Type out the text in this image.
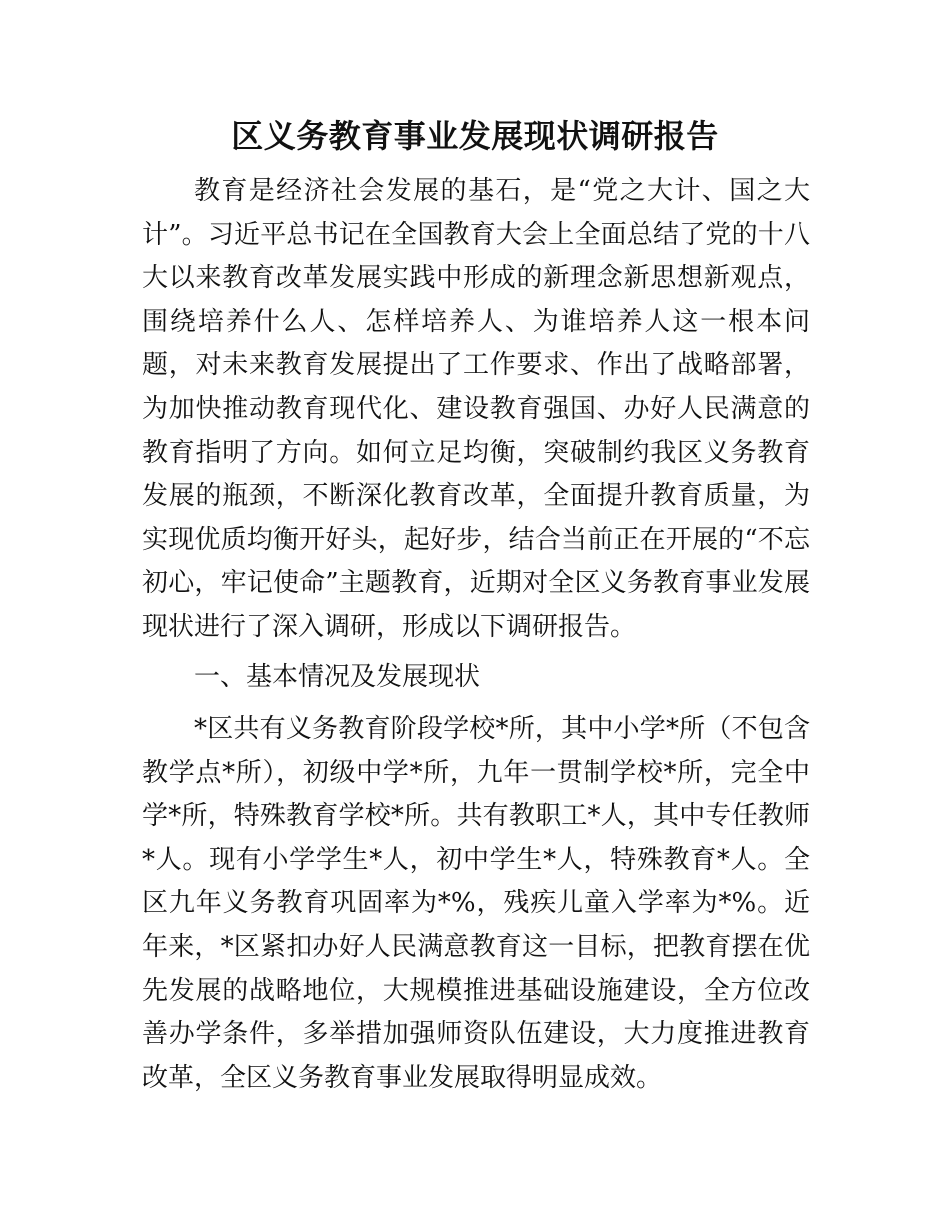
区义务教育事业发展现状调研报告

教育是经济社会发展的基石，是“党之大计、国之大计”。习近平总书记在全国教育大会上全面总结了党的十八大以来教育改革发展实践中形成的新理念新思想新观点，围绕培养什么人、怎样培养人、为谁培养人这一根本问题，对未来教育发展提出了工作要求、作出了战略部署，为加快推动教育现代化、建设教育强国、办好人民满意的教育指明了方向。如何立足均衡，突破制约我区义务教育发展的瓶颈，不断深化教育改革，全面提升教育质量，为实现优质均衡开好头，起好步，结合当前正在开展的“不忘初心，牢记使命”主题教育，近期对全区义务教育事业发展现状进行了深入调研，形成以下调研报告。

一、基本情况及发展现状

*区共有义务教育阶段学校*所，其中小学*所（不包含教学点*所），初级中学*所，九年一贯制学校*所，完全中学*所，特殊教育学校*所。共有教职工*人，其中专任教师*人。现有小学学生*人，初中学生*人，特殊教育*人。全区九年义务教育巩固率为*%，残疾儿童入学率为*%。近年来，*区紧扣办好人民满意教育这一目标，把教育摆在优先发展的战略地位，大规模推进基础设施建设，全方位改善办学条件，多举措加强师资队伍建设，大力度推进教育改革，全区义务教育事业发展取得明显成效。
